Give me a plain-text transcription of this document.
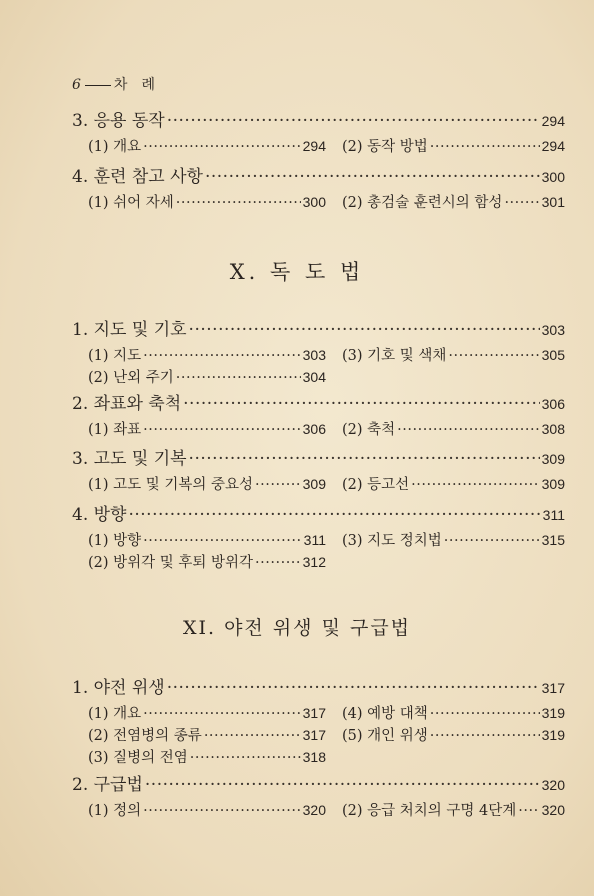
6 차례
3. 응용 동작 ·····	294
(1) 개요 ·····	294 (2) 동작 방법 ·····	294
4. 훈련 참고 사항 ·····	300
(1) 쉬어 자세 ·····	300 (2) 총검술 훈련시의 함성 ·····	301
X. 독 도 법
1. 지도 및 기호 ·····	303
(1) 지도 ·····	303 (3) 기호 및 색채 ·····	305
(2) 난외 주기 ·····	304
2. 좌표와 축척 ·····	306
(1) 좌표 ·····	306 (2) 축척 ·····	308
3. 고도 및 기복 ·····	309
(1) 고도 및 기복의 중요성 ·····	309 (2) 등고선 ·····	309
4. 방향 ·····	311
(1) 방향 ·····	311 (3) 지도 정치법 ·····	315
(2) 방위각 및 후퇴 방위각 ·····	312
XI. 야전 위생 및 구급법
1. 야전 위생 ·····	317
(1) 개요 ·····	317 (4) 예방 대책 ·····	319
(2) 전염병의 종류 ·····	317 (5) 개인 위생 ·····	319
(3) 질병의 전염 ·····	318
2. 구급법 ·····	320
(1) 정의 ·····	320 (2) 응급 처치의 구명 4단계 ····· 320
